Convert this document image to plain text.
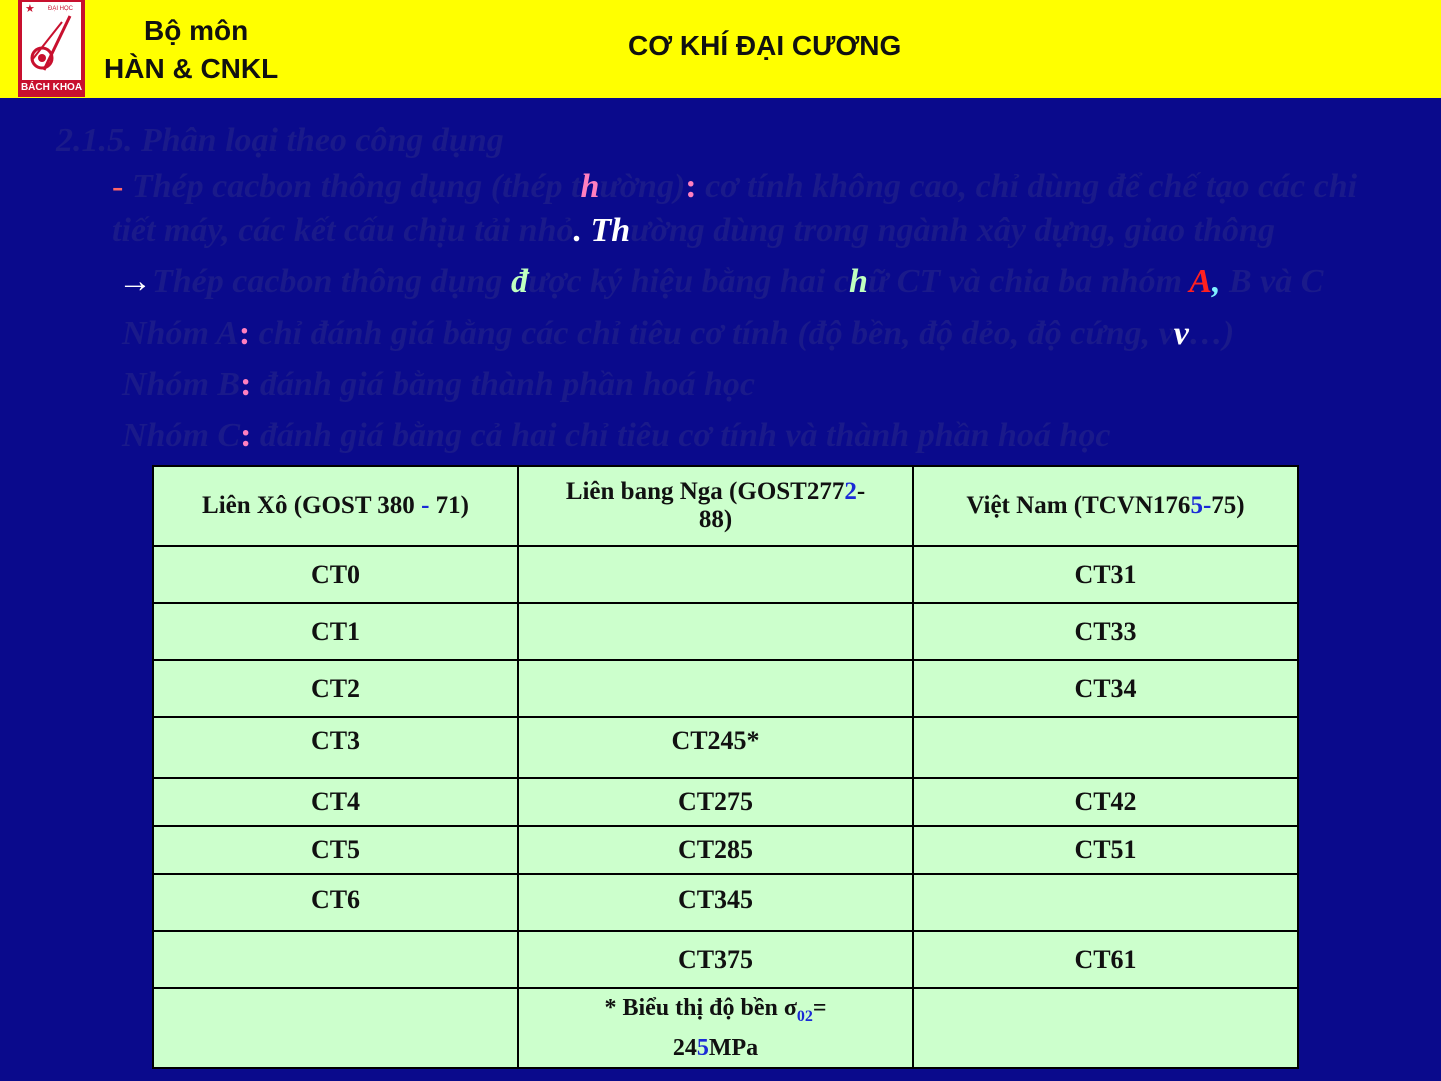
★ ĐẠI HỌC
BÁCH KHOA
Bộ môn
HÀN & CNKL
CƠ KHÍ ĐẠI CƯƠNG
2.1.5. Phân loại theo công dụng
- Thép cacbon thông dụng (thép thường): cơ tính không cao, chỉ dùng để chế tạo các chi
tiết máy, các kết cấu chịu tải nhỏ. Thường dùng trong ngành xây dựng, giao thông
→Thép cacbon thông dụng được ký hiệu bằng hai chữ CT và chia ba nhóm A, B và C
Nhóm A: chỉ đánh giá bằng các chỉ tiêu cơ tính (độ bền, độ dẻo, độ cứng, vv…)
Nhóm B: đánh giá bằng thành phần hoá học
Nhóm C: đánh giá bằng cả hai chỉ tiêu cơ tính và thành phần hoá học
Liên Xô (GOST 380 - 71)	Liên bang Nga (GOST2772-
88)	Việt Nam (TCVN1765-75)
CT0		CT31
CT1		CT33
CT2		CT34
CT3	CT245*	
CT4	CT275	CT42
CT5	CT285	CT51
CT6	CT345	
	CT375	CT61
	* Biểu thị độ bền $\sigma_{02}=$
245MPa	
